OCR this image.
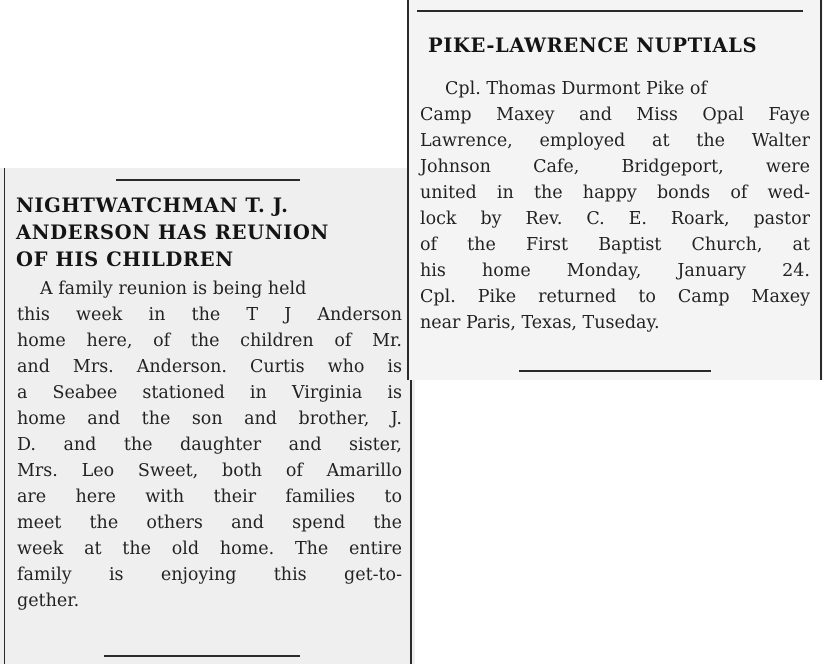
NIGHTWATCHMAN T. J.
ANDERSON HAS REUNION
OF HIS CHILDREN
A family reunion is being held
this week in the T J Anderson
home here, of the children of Mr.
and Mrs. Anderson. Curtis who is
a Seabee stationed in Virginia is
home and the son and brother, J.
D. and the daughter and sister,
Mrs. Leo Sweet, both of Amarillo
are here with their families to
meet the others and spend the
week at the old home. The entire
family is enjoying this get-to-
gether.
PIKE-LAWRENCE NUPTIALS
Cpl. Thomas Durmont Pike of
Camp Maxey and Miss Opal Faye
Lawrence, employed at the Walter
Johnson Cafe, Bridgeport, were
united in the happy bonds of wed-
lock by Rev. C. E. Roark, pastor
of the First Baptist Church, at
his home Monday, January 24.
Cpl. Pike returned to Camp Maxey
near Paris, Texas, Tuseday.
